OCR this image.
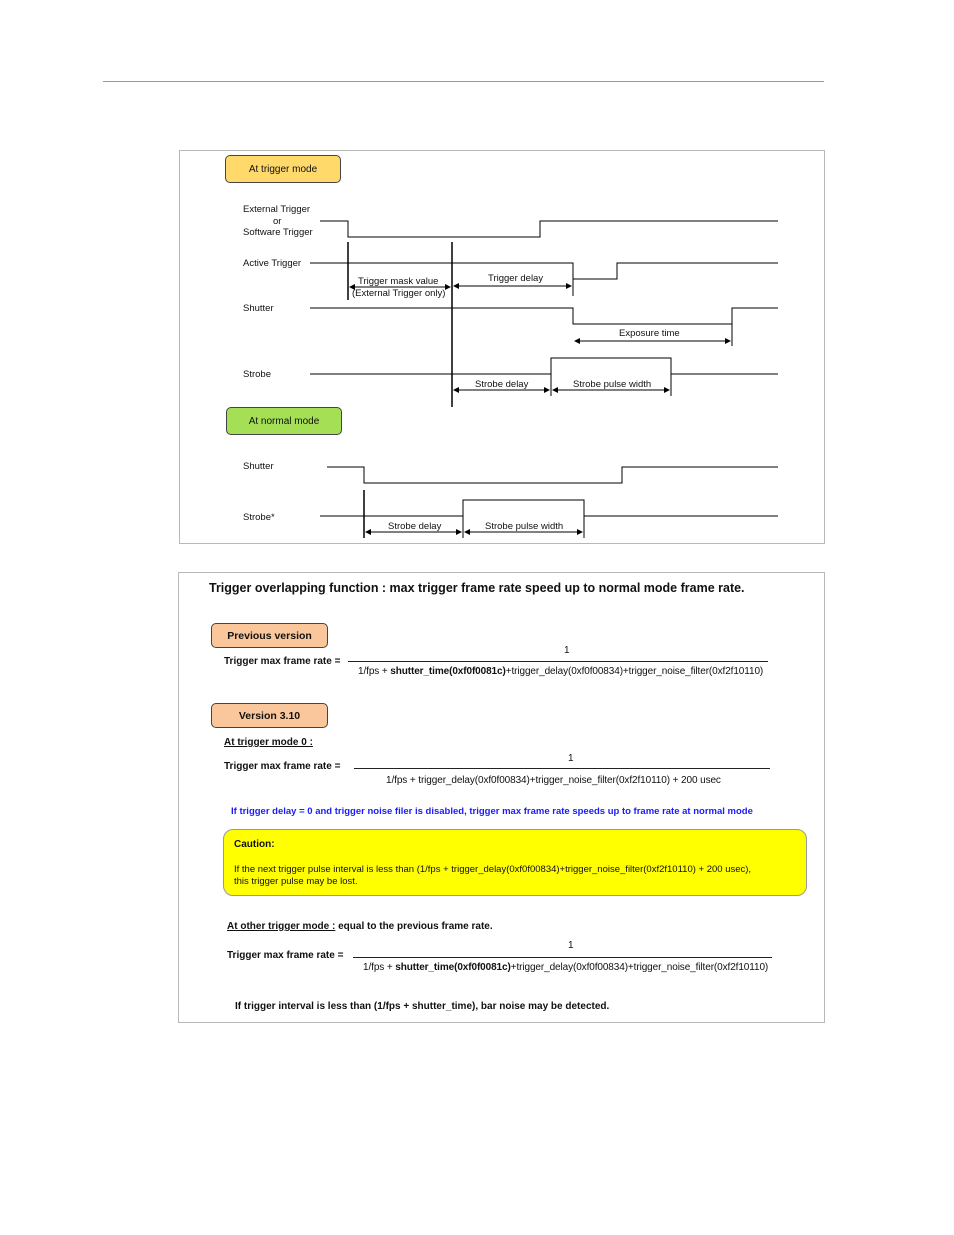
At trigger mode
At normal mode
External Trigger
or
Software Trigger
Active Trigger
Shutter
Strobe
Shutter
Strobe*
Trigger mask value
(External Trigger only)
Trigger delay
Exposure time
Strobe delay	Strobe pulse width
Strobe delay	Strobe pulse width
Trigger overlapping function : max trigger frame rate speed up to normal mode frame rate.
Previous version
Trigger max frame rate =
1
1/fps + shutter_time(0xf0f0081c)+trigger_delay(0xf0f00834)+trigger_noise_filter(0xf2f10110)
Version 3.10
At trigger mode 0 :
Trigger max frame rate =
1
1/fps + trigger_delay(0xf0f00834)+trigger_noise_filter(0xf2f10110) + 200 usec
If trigger delay = 0 and trigger noise filer is disabled, trigger max frame rate speeds up to frame rate at normal mode
Caution:
If the next trigger pulse interval is less than (1/fps + trigger_delay(0xf0f00834)+trigger_noise_filter(0xf2f10110) + 200 usec),
this trigger pulse may be lost.
At other trigger mode : equal to the previous frame rate.
Trigger max frame rate =
1
1/fps + shutter_time(0xf0f0081c)+trigger_delay(0xf0f00834)+trigger_noise_filter(0xf2f10110)
If trigger interval is less than (1/fps + shutter_time), bar noise may be detected.
